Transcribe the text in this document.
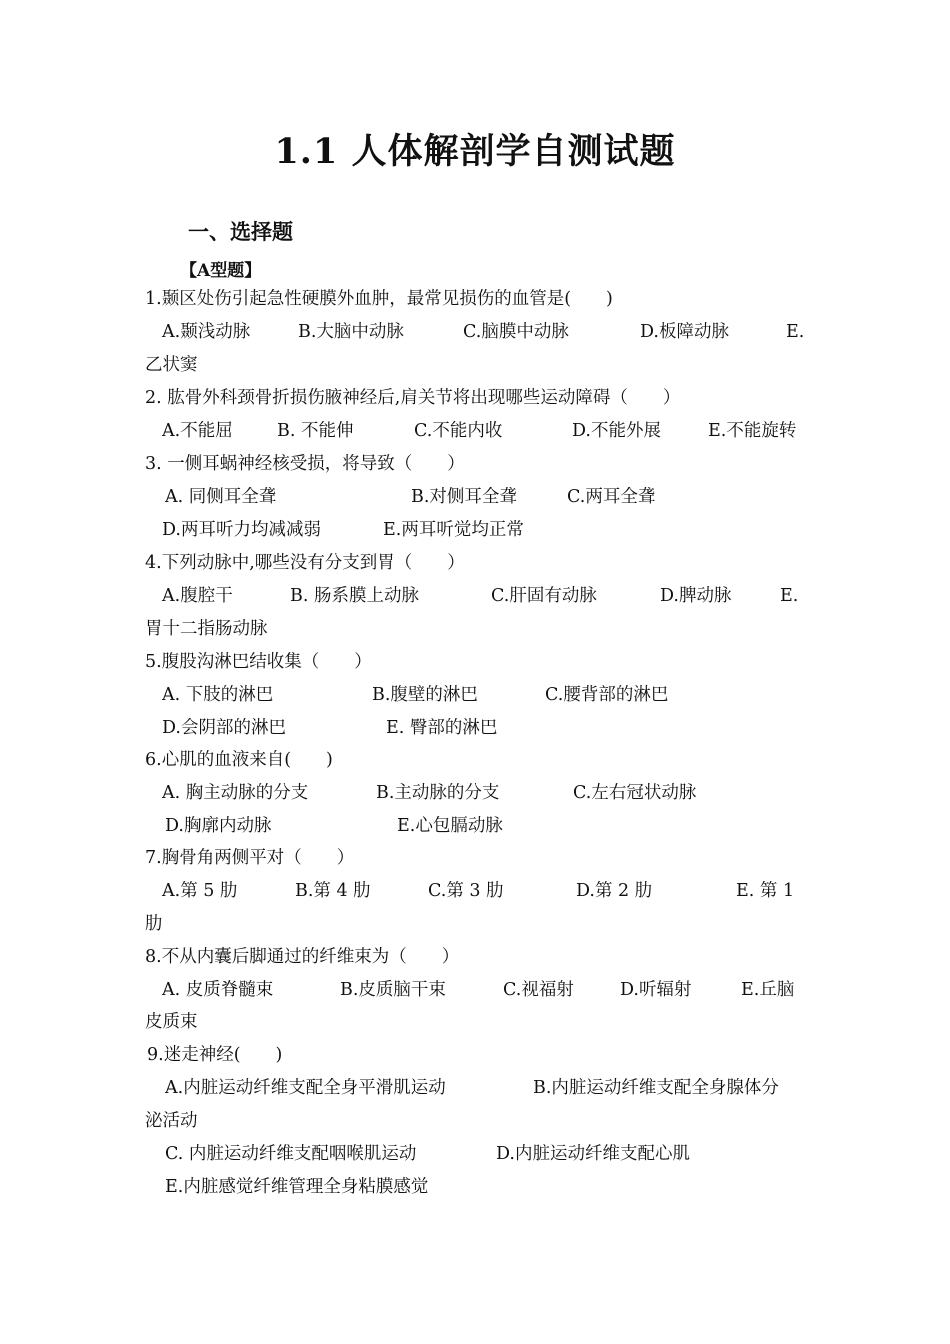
1.1 人体解剖学自测试题
一、选择题
【A型题】
1.颞区处伤引起急性硬膜外血肿，最常见损伤的血管是(　　)
A.颞浅动脉	B.大脑中动脉	C.脑膜中动脉	D.板障动脉	E.
乙状窦
2. 肱骨外科颈骨折损伤腋神经后,肩关节将出现哪些运动障碍（　　）
A.不能屈	B. 不能伸	C.不能内收	D.不能外展	E.不能旋转
3. 一侧耳蜗神经核受损，将导致（　　）
A. 同侧耳全聋	B.对侧耳全聋	C.两耳全聋
D.两耳听力均减减弱	E.两耳听觉均正常
4.下列动脉中,哪些没有分支到胃（　　）
A.腹腔干	B. 肠系膜上动脉	C.肝固有动脉	D.脾动脉	E.
胃十二指肠动脉
5.腹股沟淋巴结收集（　　）
A. 下肢的淋巴	B.腹壁的淋巴	C.腰背部的淋巴
D.会阴部的淋巴	E. 臀部的淋巴
6.心肌的血液来自(　　)
A. 胸主动脉的分支	B.主动脉的分支	C.左右冠状动脉
D.胸廓内动脉	E.心包膈动脉
7.胸骨角两侧平对（　　）
A.第 5 肋	B.第 4 肋	C.第 3 肋	D.第 2 肋	E. 第 1
肋
8.不从内囊后脚通过的纤维束为（　　）
A. 皮质脊髓束	B.皮质脑干束	C.视福射	D.听辐射	E.丘脑
皮质束
9.迷走神经(　　)
A.内脏运动纤维支配全身平滑肌运动	B.内脏运动纤维支配全身腺体分
泌活动
C. 内脏运动纤维支配咽喉肌运动	D.内脏运动纤维支配心肌
E.内脏感觉纤维管理全身粘膜感觉
